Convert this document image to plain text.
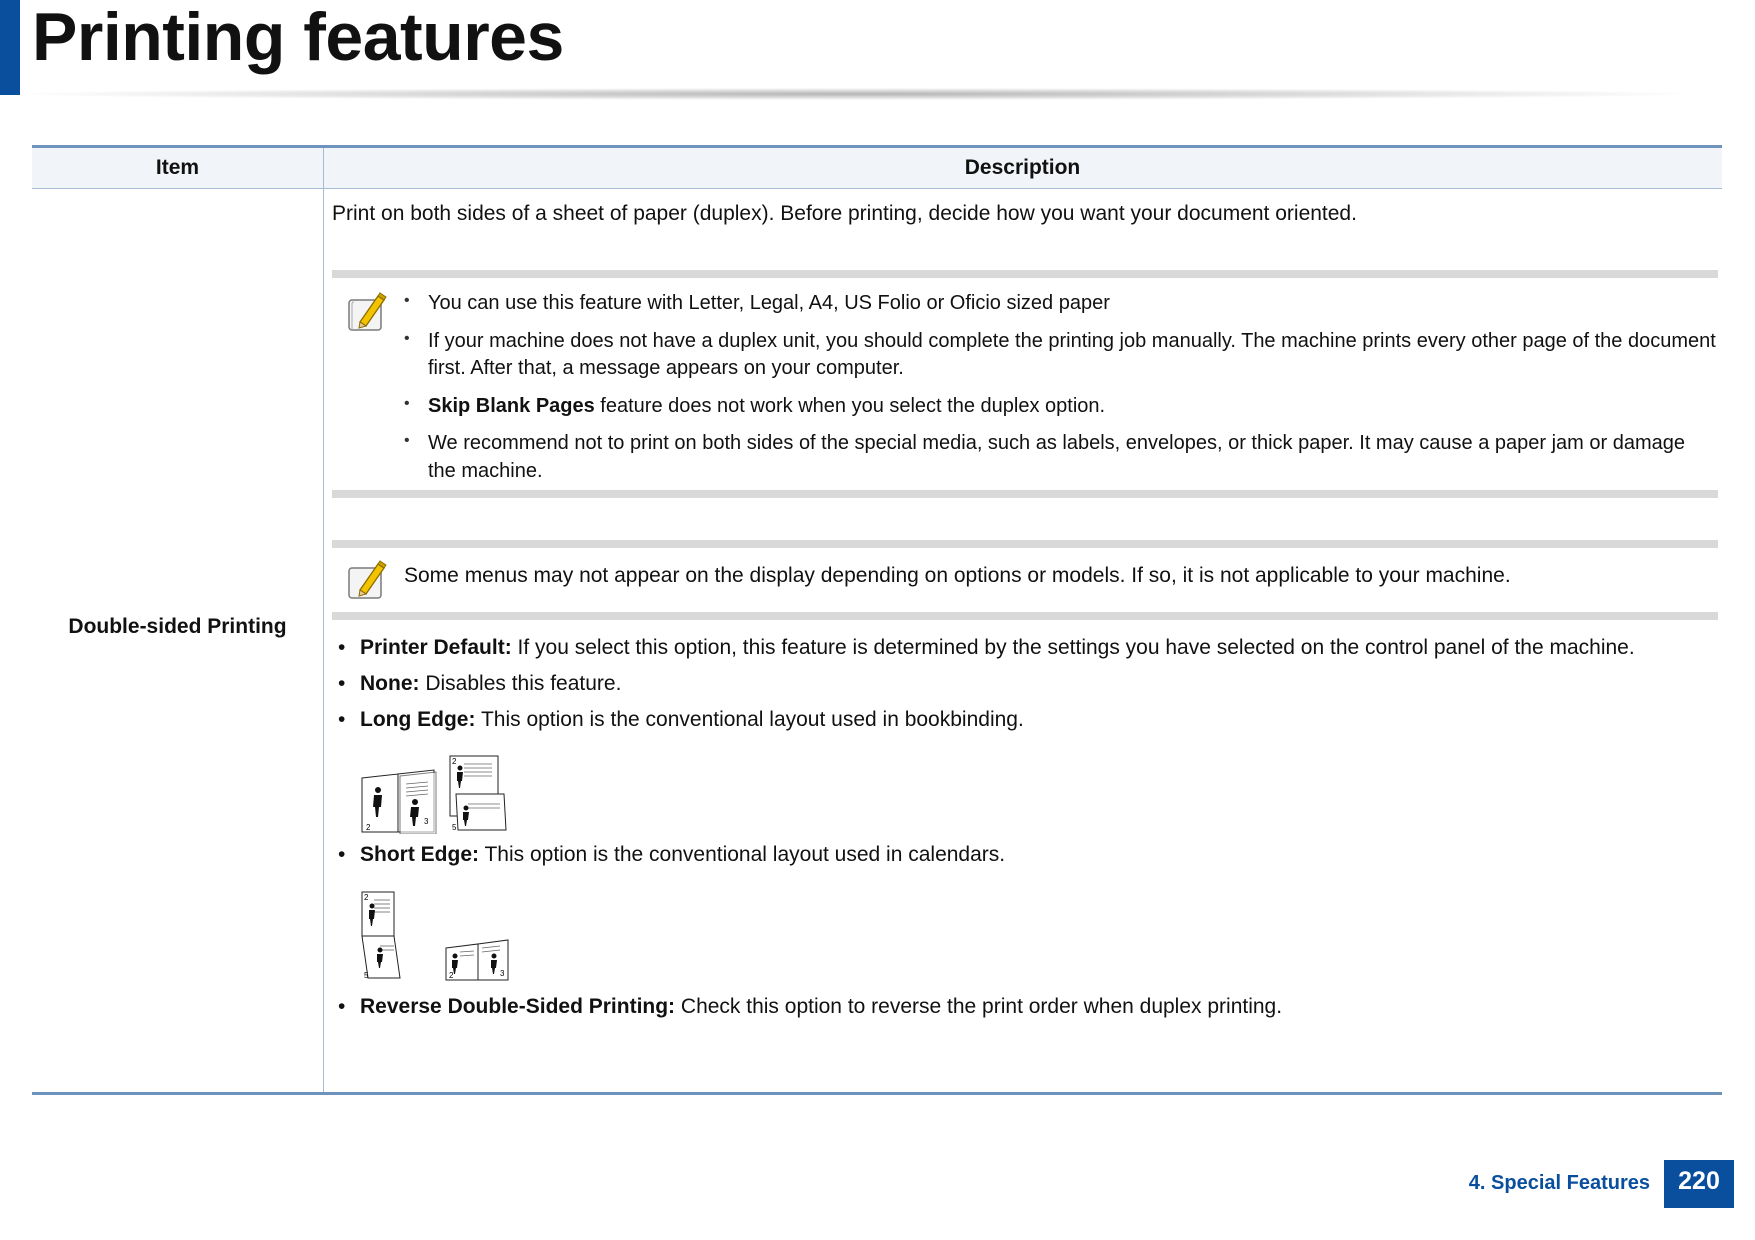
Printing features
Item	Description
Double-sided Printing
Print on both sides of a sheet of paper (duplex). Before printing, decide how you want your document oriented.
• You can use this feature with Letter, Legal, A4, US Folio or Oficio sized paper
• If your machine does not have a duplex unit, you should complete the printing job manually. The machine prints every other page of the document first. After that, a message appears on your computer.
• Skip Blank Pages feature does not work when you select the duplex option.
• We recommend not to print on both sides of the special media, such as labels, envelopes, or thick paper. It may cause a paper jam or damage the machine.
Some menus may not appear on the display depending on options or models. If so, it is not applicable to your machine.
• Printer Default: If you select this option, this feature is determined by the settings you have selected on the control panel of the machine.
• None: Disables this feature.
• Long Edge: This option is the conventional layout used in bookbinding.
2
3
2
5
• Short Edge: This option is the conventional layout used in calendars.
2
5	2	3
• Reverse Double-Sided Printing: Check this option to reverse the print order when duplex printing.
4. Special Features	220
